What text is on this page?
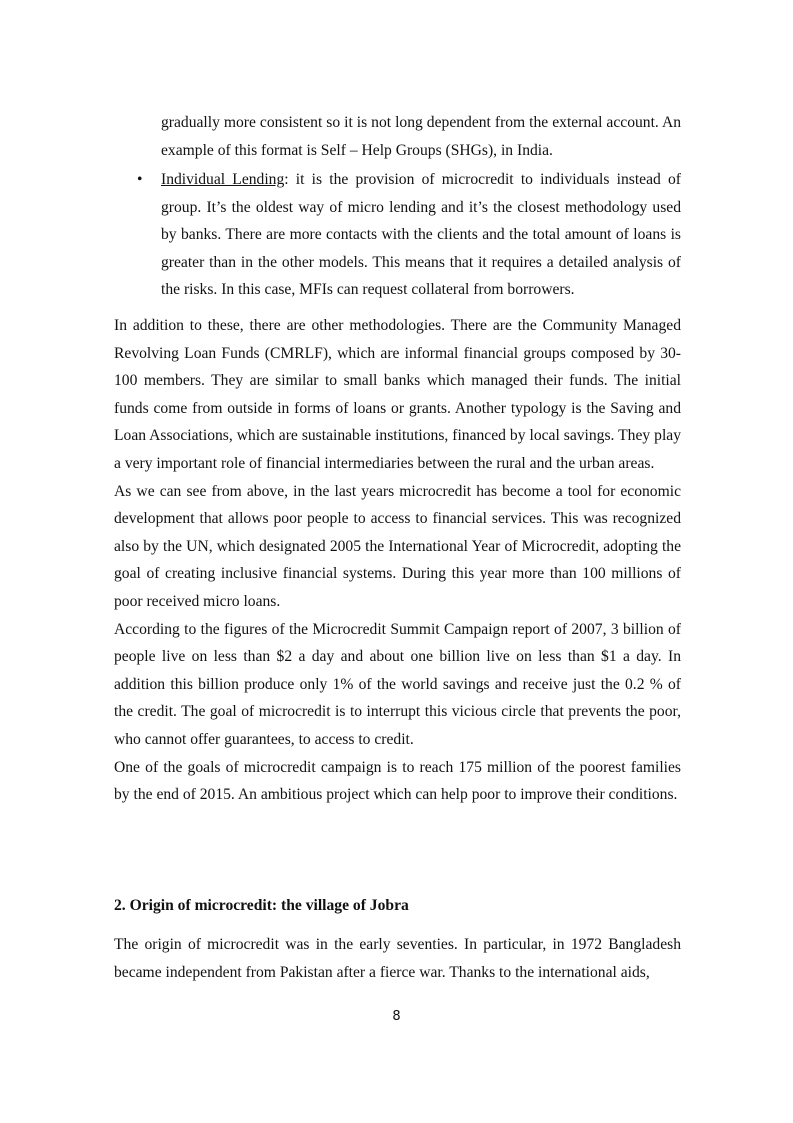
gradually more consistent so it is not long dependent from the external account. An example of this format is Self – Help Groups (SHGs), in India.

• Individual Lending: it is the provision of microcredit to individuals instead of group. It’s the oldest way of micro lending and it’s the closest methodology used by banks. There are more contacts with the clients and the total amount of loans is greater than in the other models. This means that it requires a detailed analysis of the risks. In this case, MFIs can request collateral from borrowers.

In addition to these, there are other methodologies. There are the Community Managed Revolving Loan Funds (CMRLF), which are informal financial groups composed by 30-100 members. They are similar to small banks which managed their funds. The initial funds come from outside in forms of loans or grants. Another typology is the Saving and Loan Associations, which are sustainable institutions, financed by local savings. They play a very important role of financial intermediaries between the rural and the urban areas.

As we can see from above, in the last years microcredit has become a tool for economic development that allows poor people to access to financial services. This was recognized also by the UN, which designated 2005 the International Year of Microcredit, adopting the goal of creating inclusive financial systems. During this year more than 100 millions of poor received micro loans.

According to the figures of the Microcredit Summit Campaign report of 2007, 3 billion of people live on less than $2 a day and about one billion live on less than $1 a day. In addition this billion produce only 1% of the world savings and receive just the 0.2 % of the credit. The goal of microcredit is to interrupt this vicious circle that prevents the poor, who cannot offer guarantees, to access to credit.

One of the goals of microcredit campaign is to reach 175 million of the poorest families by the end of 2015. An ambitious project which can help poor to improve their conditions.

2. Origin of microcredit: the village of Jobra

The origin of microcredit was in the early seventies. In particular, in 1972 Bangladesh became independent from Pakistan after a fierce war. Thanks to the international aids,

8
